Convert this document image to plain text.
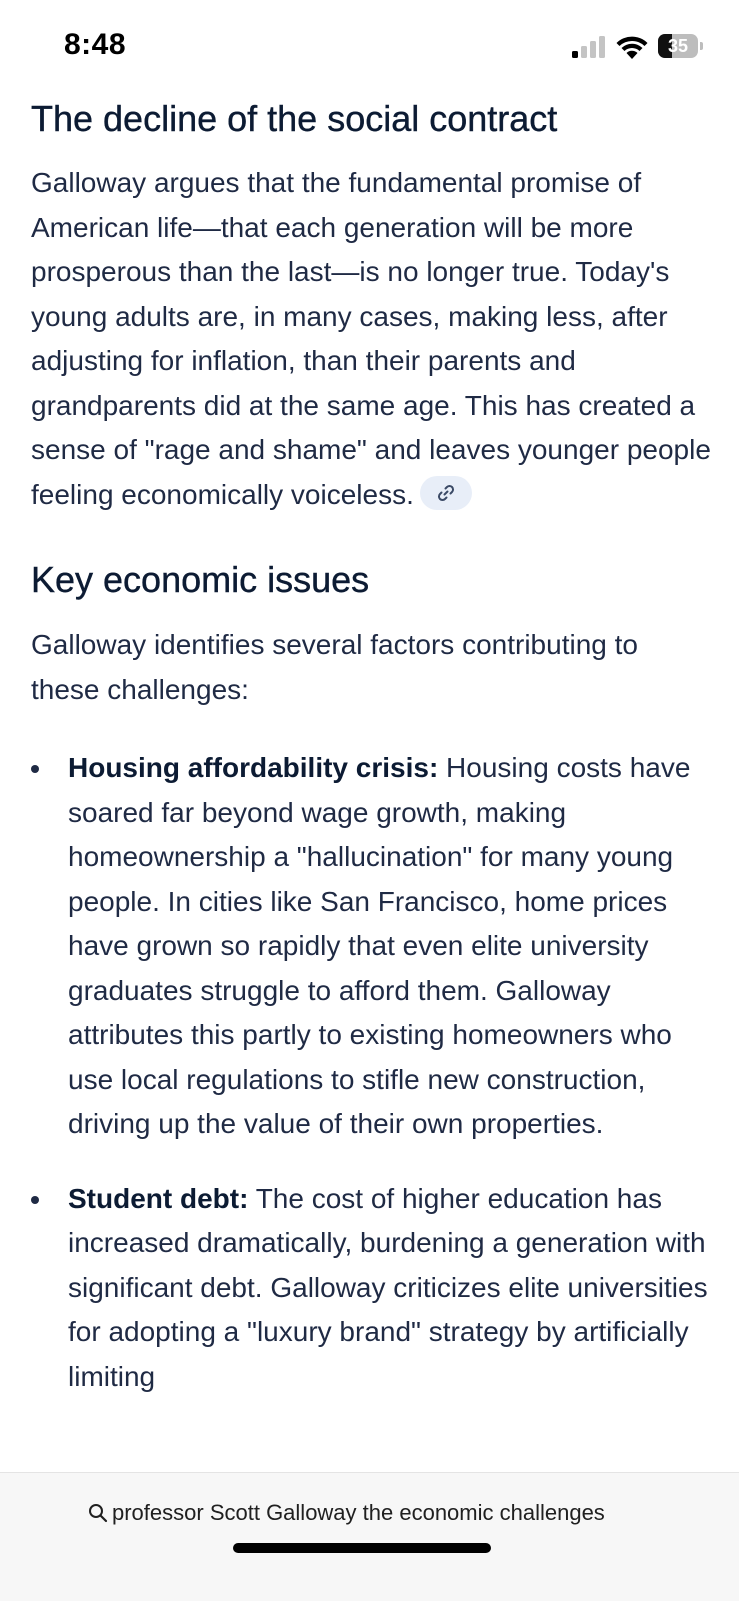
8:48	35
The decline of the social contract

Galloway argues that the fundamental promise of American life—that each generation will be more prosperous than the last—is no longer true. Today's young adults are, in many cases, making less, after adjusting for inflation, than their parents and grandparents did at the same age. This has created a sense of "rage and shame" and leaves younger people feeling economically voiceless.

Key economic issues

Galloway identifies several factors contributing to these challenges:

Housing affordability crisis: Housing costs have soared far beyond wage growth, making homeownership a "hallucination" for many young people. In cities like San Francisco, home prices have grown so rapidly that even elite university graduates struggle to afford them. Galloway attributes this partly to existing homeowners who use local regulations to stifle new construction, driving up the value of their own properties.
Student debt: The cost of higher education has increased dramatically, burdening a generation with significant debt. Galloway criticizes elite universities for adopting a "luxury brand" strategy by artificially limiting
professor Scott Galloway the economic challenges
